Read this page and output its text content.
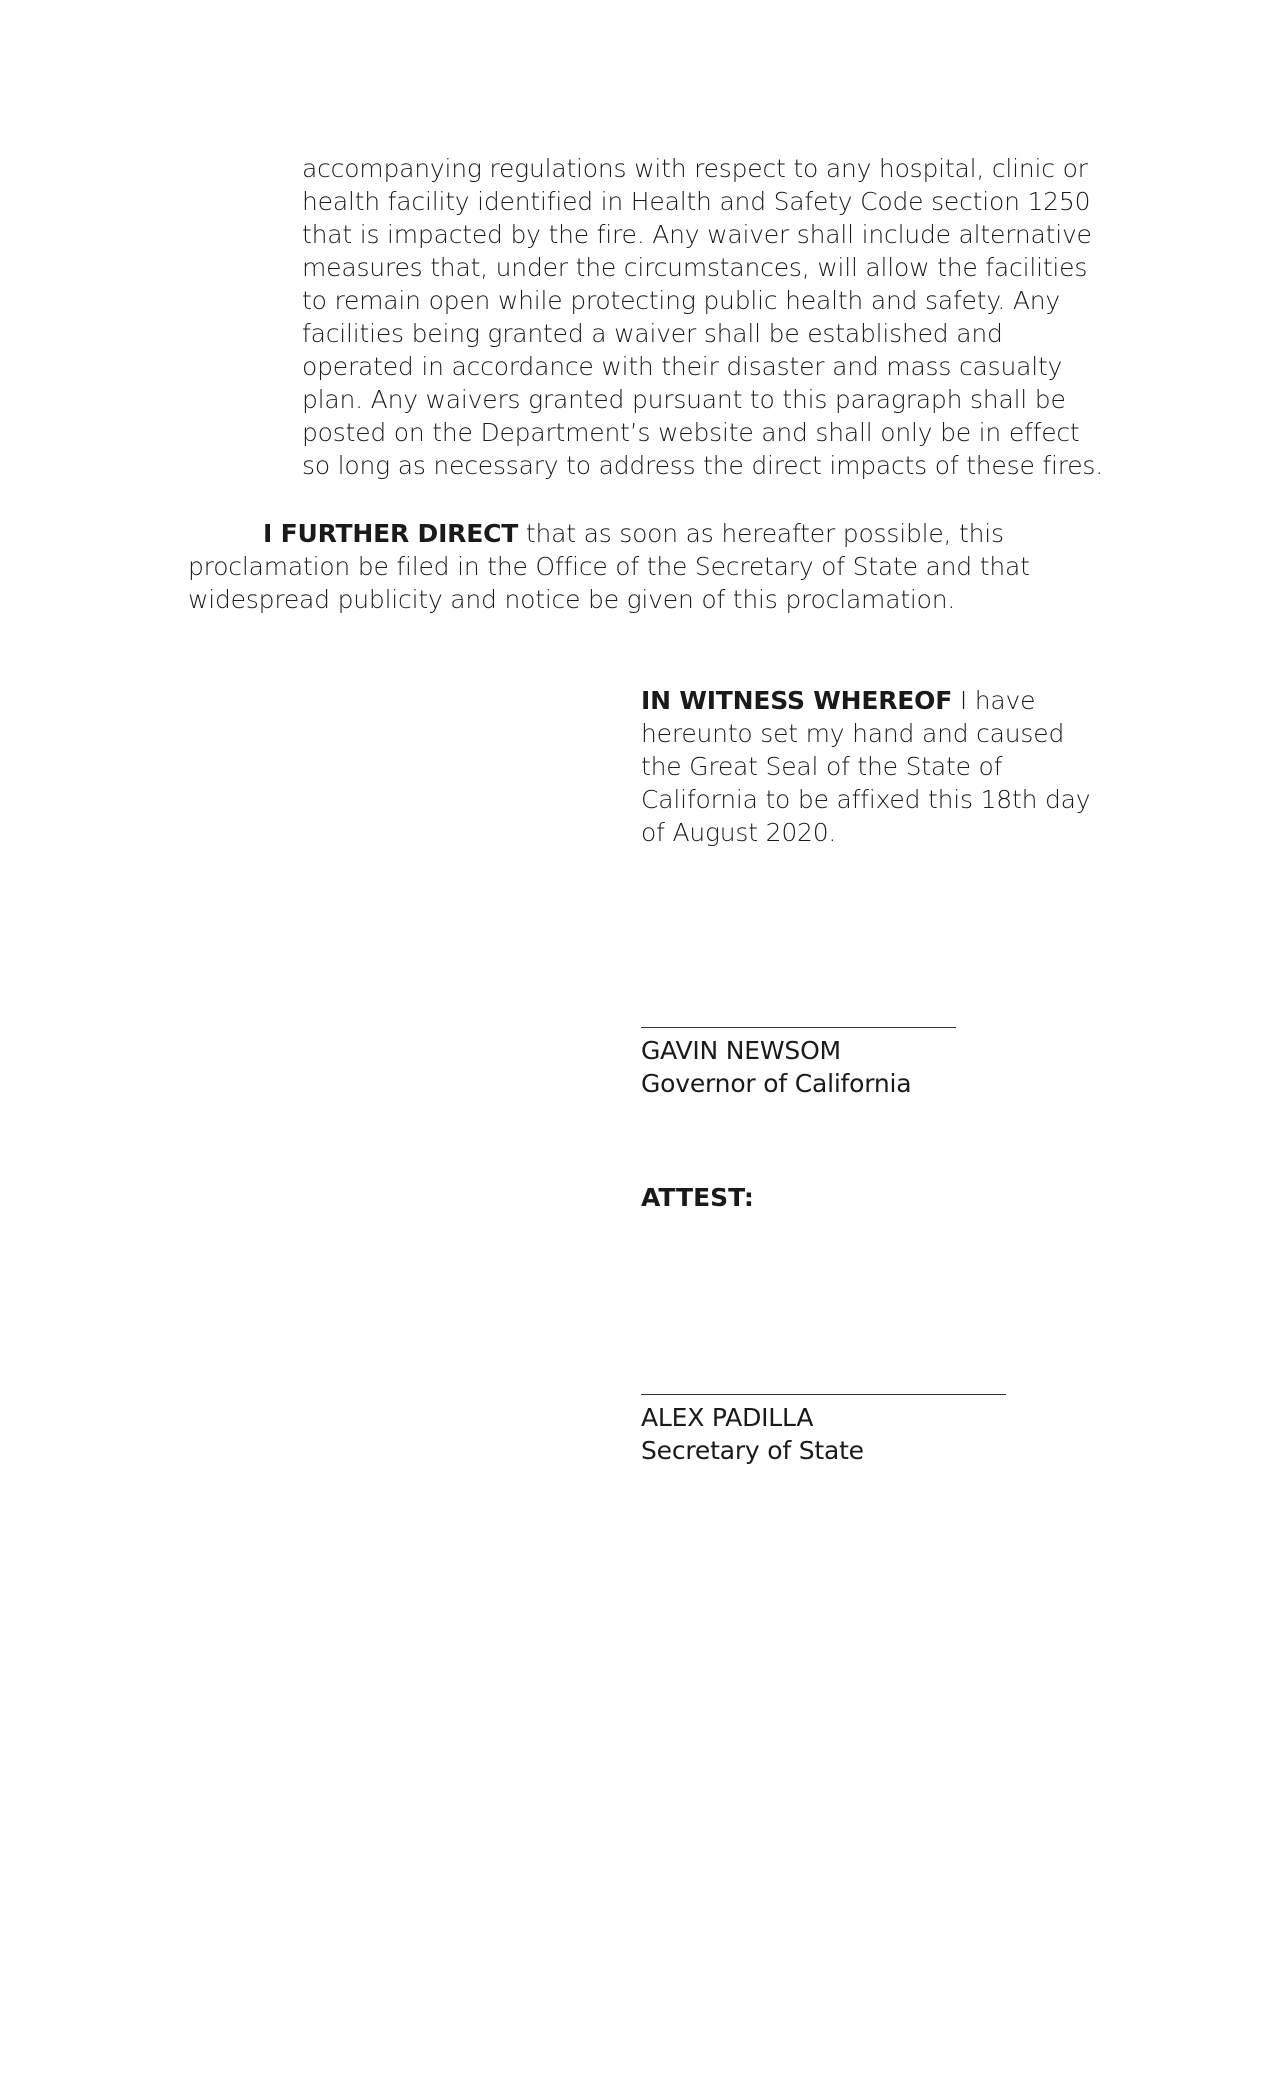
accompanying regulations with respect to any hospital, clinic or
health facility identified in Health and Safety Code section 1250
that is impacted by the fire. Any waiver shall include alternative
measures that, under the circumstances, will allow the facilities
to remain open while protecting public health and safety. Any
facilities being granted a waiver shall be established and
operated in accordance with their disaster and mass casualty
plan. Any waivers granted pursuant to this paragraph shall be
posted on the Department’s website and shall only be in effect
so long as necessary to address the direct impacts of these fires.
I FURTHER DIRECT that as soon as hereafter possible, this
proclamation be filed in the Office of the Secretary of State and that
widespread publicity and notice be given of this proclamation.
IN WITNESS WHEREOF I have
hereunto set my hand and caused
the Great Seal of the State of
California to be affixed this 18th day
of August 2020.
GAVIN NEWSOM
Governor of California
ATTEST:
ALEX PADILLA
Secretary of State
